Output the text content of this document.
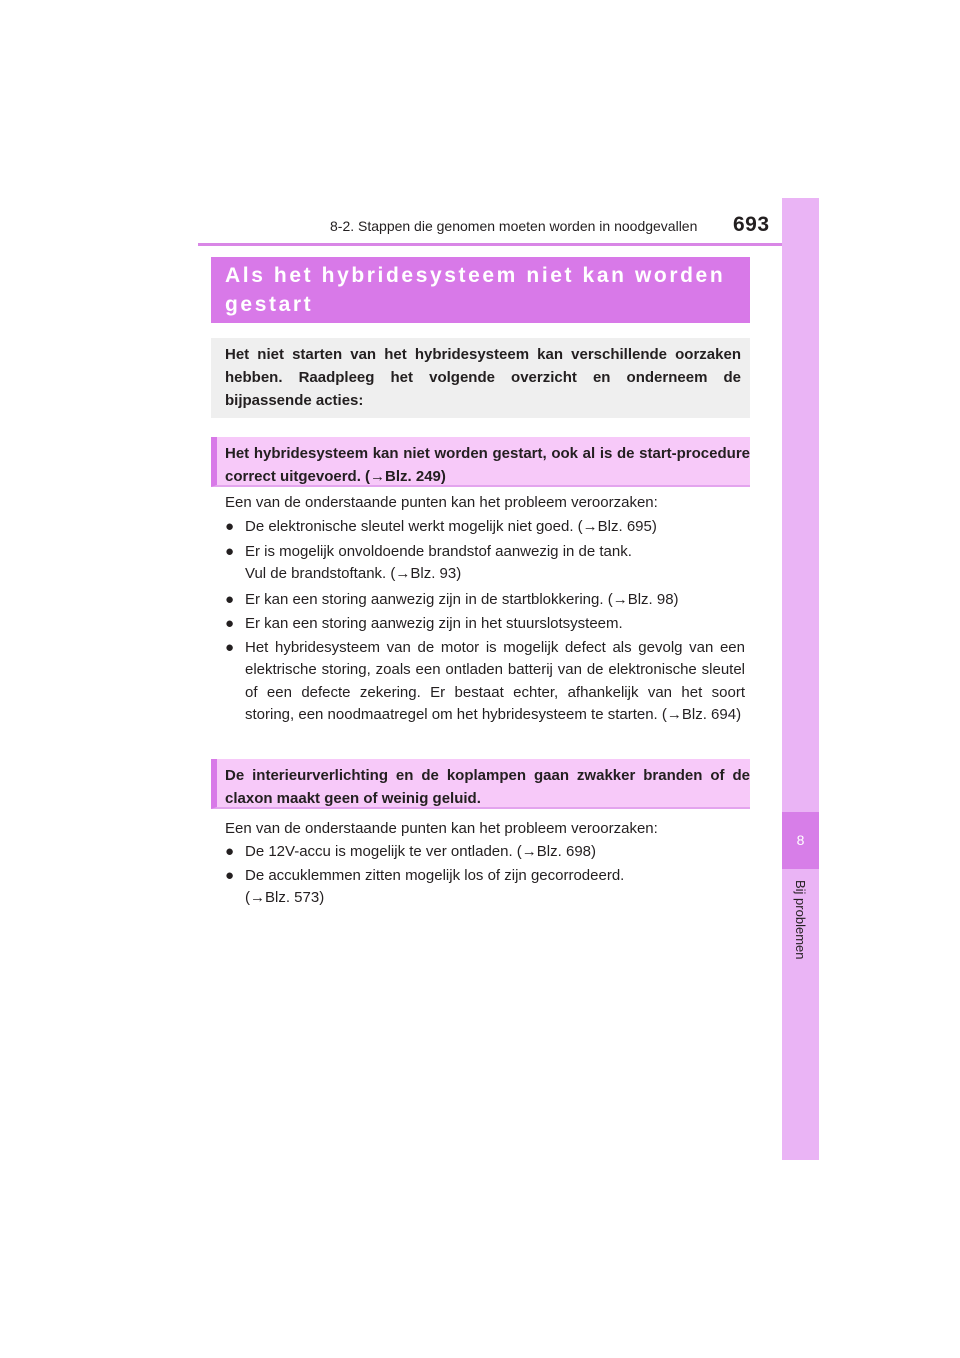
8-2. Stappen die genomen moeten worden in noodgevallen 693
8
Bij problemen
Als het hybridesysteem niet kan worden gestart

Het niet starten van het hybridesysteem kan verschillende oorzaken hebben. Raadpleeg het volgende overzicht en onderneem de bijpassende acties:

Het hybridesysteem kan niet worden gestart, ook al is de start-procedure correct uitgevoerd. (→Blz. 249)

Een van de onderstaande punten kan het probleem veroorzaken:
● De elektronische sleutel werkt mogelijk niet goed. (→Blz. 695)
● Er is mogelijk onvoldoende brandstof aanwezig in de tank.
Vul de brandstoftank. (→Blz. 93)
● Er kan een storing aanwezig zijn in de startblokkering. (→Blz. 98)
● Er kan een storing aanwezig zijn in het stuurslotsysteem.
● Het hybridesysteem van de motor is mogelijk defect als gevolg van een elektrische storing, zoals een ontladen batterij van de elektronische sleutel of een defecte zekering. Er bestaat echter, afhankelijk van het soort storing, een noodmaatregel om het hybridesysteem te starten. (→Blz. 694)

De interieurverlichting en de koplampen gaan zwakker branden of de claxon maakt geen of weinig geluid.

Een van de onderstaande punten kan het probleem veroorzaken:
● De 12V-accu is mogelijk te ver ontladen. (→Blz. 698)
● De accuklemmen zitten mogelijk los of zijn gecorrodeerd.
(→Blz. 573)
